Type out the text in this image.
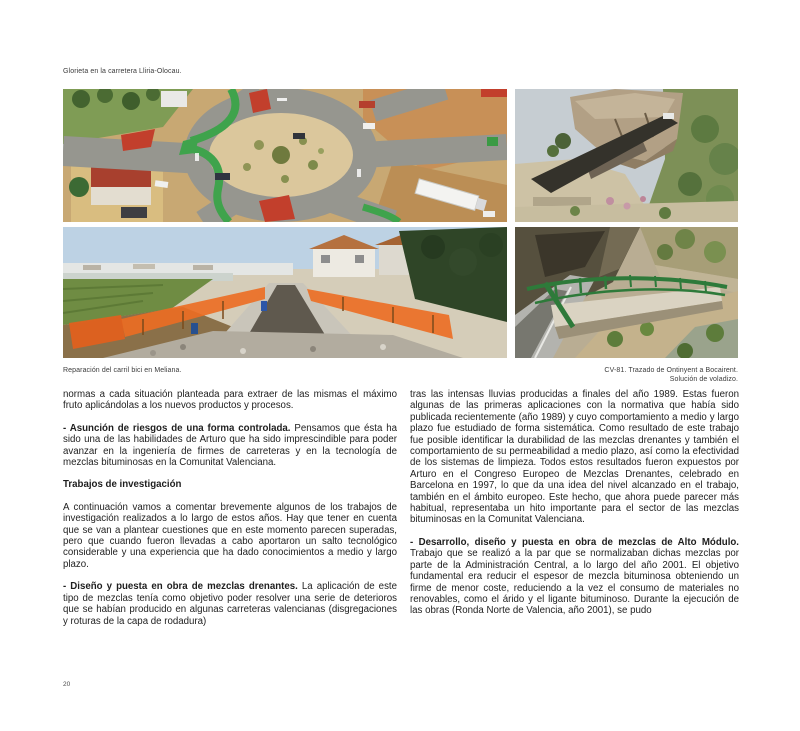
Glorieta en la carretera Lliria-Olocau.
Reparación del carril bici en Meliana.	CV-81. Trazado de Ontinyent a Bocairent.
Solución de voladizo.

normas a cada situación planteada para extraer de las mismas el máximo fruto aplicándolas a los nuevos productos y procesos.

- Asunción de riesgos de una forma controlada. Pensamos que ésta ha sido una de las habilidades de Arturo que ha sido imprescindible para poder avanzar en la ingeniería de firmes de carreteras y en la tecnología de mezclas bituminosas en la Comunitat Valenciana.

Trabajos de investigación

A continuación vamos a comentar brevemente algunos de los trabajos de investigación realizados a lo largo de estos años. Hay que tener en cuenta que se van a plantear cuestiones que en este momento parecen superadas, pero que cuando fueron llevadas a cabo aportaron un salto tecnológico considerable y una experiencia que ha dado conocimientos a medio y largo plazo.

- Diseño y puesta en obra de mezclas drenantes. La aplicación de este tipo de mezclas tenía como objetivo poder resolver una serie de deterioros que se habían producido en algunas carreteras valencianas (disgregaciones y roturas de la capa de rodadura)

tras las intensas lluvias producidas a finales del año 1989. Estas fueron algunas de las primeras aplicaciones con la normativa que había sido publicada recientemente (año 1989) y cuyo comportamiento a medio y largo plazo fue estudiado de forma sistemática. Como resultado de este trabajo fue posible identificar la durabilidad de las mezclas drenantes y también el comportamiento de su permeabilidad a medio plazo, así como la efectividad de los sistemas de limpieza. Todos estos resultados fueron expuestos por Arturo en el Congreso Europeo de Mezclas Drenantes, celebrado en Barcelona en 1997, lo que da una idea del nivel alcanzado en el trabajo, también en el ámbito europeo. Este hecho, que ahora puede parecer más habitual, representaba un hito importante para el sector de las mezclas bituminosas en la Comunitat Valenciana.

- Desarrollo, diseño y puesta en obra de mezclas de Alto Módulo. Trabajo que se realizó a la par que se normalizaban dichas mezclas por parte de la Administración Central, a lo largo del año 2001. El objetivo fundamental era reducir el espesor de mezcla bituminosa obteniendo un firme de menor coste, reduciendo a la vez el consumo de materiales no renovables, como el árido y el ligante bituminoso. Durante la ejecución de las obras (Ronda Norte de Valencia, año 2001), se pudo

20
